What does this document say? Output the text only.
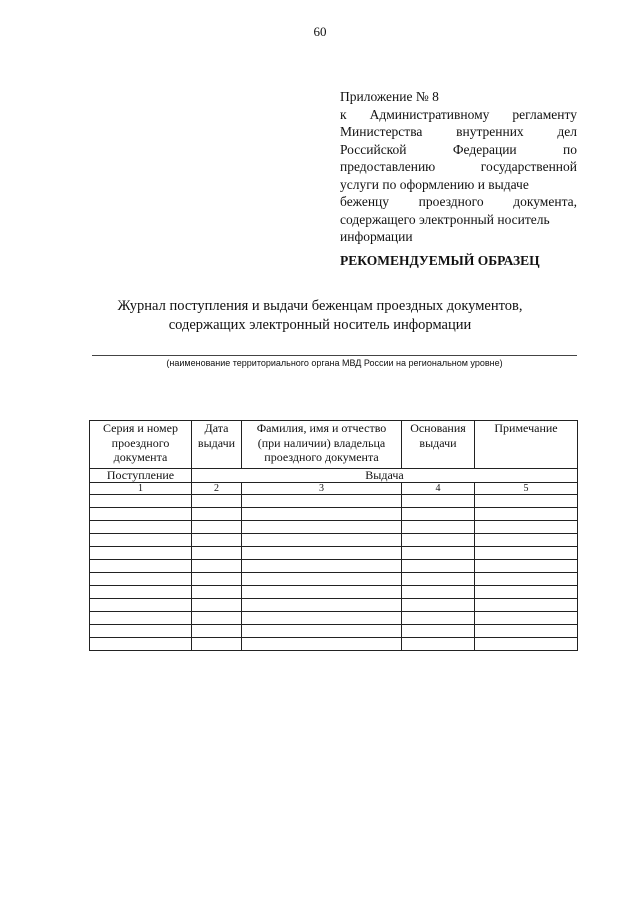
60
Приложение № 8
к Административному регламенту
Министерства внутренних дел
Российской	Федерации	по
предоставлению	государственной
услуги по оформлению и выдаче
беженцу проездного документа,
содержащего электронный носитель
информации
РЕКОМЕНДУЕМЫЙ ОБРАЗЕЦ
Журнал поступления и выдачи беженцам проездных документов,
содержащих электронный носитель информации
(наименование территориального органа МВД России на региональном уровне)
Серия и номер проездного документа	Дата выдачи	Фамилия, имя и отчество (при наличии) владельца проездного документа	Основания выдачи	Примечание
Поступление	Выдача			
1	2	3	4	5
